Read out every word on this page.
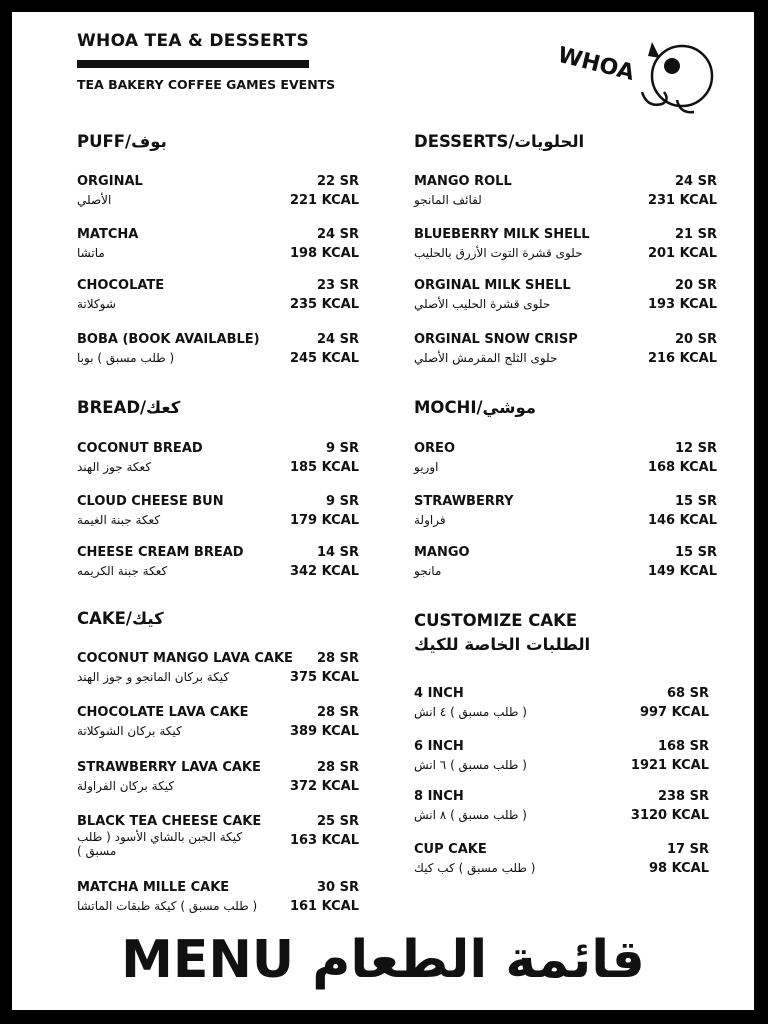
WHOA TEA & DESSERTS
TEA BAKERY COFFEE GAMES EVENTS	WHOA
PUFF/بوف
ORGINAL
الأصلي
22 SR
221 KCAL
MATCHA
ماتشا
24 SR
198 KCAL
CHOCOLATE
شوكلاتة
23 SR
235 KCAL
BOBA (BOOK AVAILABLE)
( طلب مسبق ) بوبا
24 SR
245 KCAL
DESSERTS/الحلويات
MANGO ROLL
لفائف المانجو
24 SR
231 KCAL
BLUEBERRY MILK SHELL
حلوى قشرة التوت الأزرق بالحليب
21 SR
201 KCAL
ORGINAL MILK SHELL
حلوى قشرة الحليب الأصلي
20 SR
193 KCAL
ORGINAL SNOW CRISP
حلوى الثلج المقرمش الأصلي
20 SR
216 KCAL
BREAD/كعك
COCONUT BREAD
كعكة جوز الهند
9 SR
185 KCAL
CLOUD CHEESE BUN
كعكة جبنة الغيمة
9 SR
179 KCAL
CHEESE CREAM BREAD
كعكة جبنة الكريمه
14 SR
342 KCAL
MOCHI/موشي
OREO
اوريو
12 SR
168 KCAL
STRAWBERRY
فراولة
15 SR
146 KCAL
MANGO
مانجو
15 SR
149 KCAL
CAKE/كيك
COCONUT MANGO LAVA CAKE
كيكة بركان المانجو و جوز الهند
28 SR
375 KCAL
CHOCOLATE LAVA CAKE
كيكة بركان الشوكلاتة
28 SR
389 KCAL
STRAWBERRY LAVA CAKE
كيكة بركان الفراولة
28 SR
372 KCAL
BLACK TEA CHEESE CAKE
كيكة الجبن بالشاي الأسود ( طلب مسبق )
25 SR
163 KCAL
MATCHA MILLE CAKE
( طلب مسبق ) كيكة طبقات الماتشا
30 SR
161 KCAL
CUSTOMIZE CAKE
الطلبات الخاصة للكيك
4 INCH
( طلب مسبق ) ٤ انش
68 SR
997 KCAL
6 INCH
( طلب مسبق ) ٦ انش
168 SR
1921 KCAL
8 INCH
( طلب مسبق ) ٨ انش
238 SR
3120 KCAL
CUP CAKE
( طلب مسبق ) كب كيك
17 SR
98 KCAL
MENU قائمة الطعام
